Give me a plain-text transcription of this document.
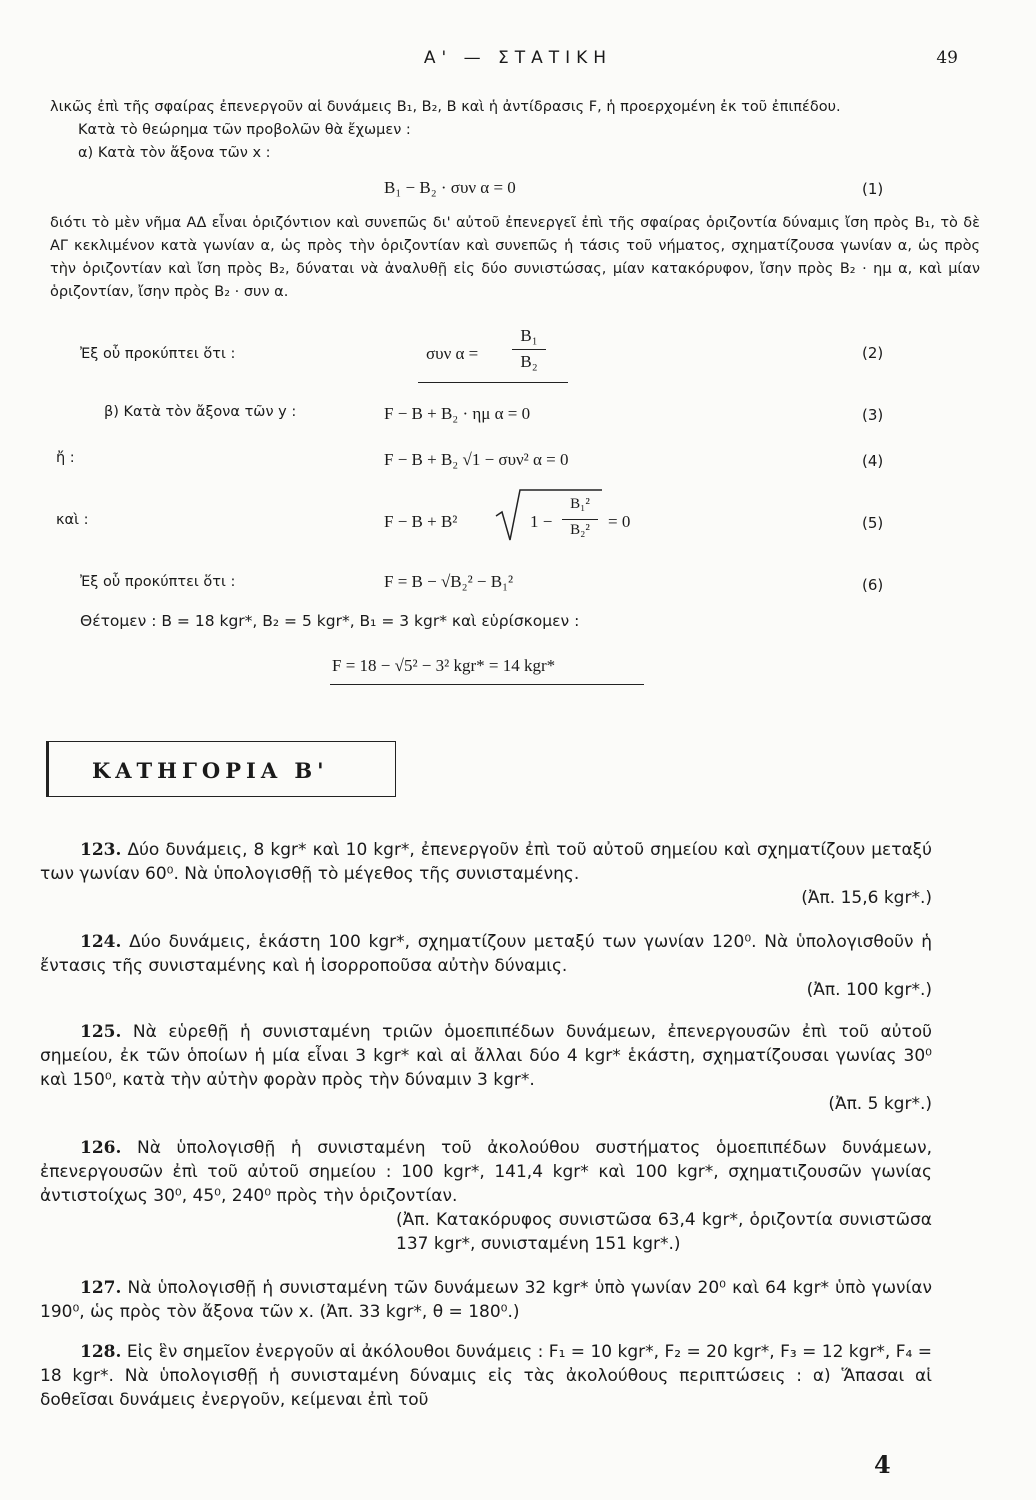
Α' — ΣΤΑΤΙΚΗ	49
λικῶς ἐπὶ τῆς σφαίρας ἐπενεργοῦν αἱ δυνάμεις Β₁, Β₂, Β καὶ ἡ ἀντίδρασις F, ἡ προερχομένη ἐκ τοῦ ἐπιπέδου.
Κατὰ τὸ θεώρημα τῶν προβολῶν θὰ ἔχωμεν :
α) Κατὰ τὸν ἄξονα τῶν x :
B₁ − B₂ · συν α = 0	(1)
διότι τὸ μὲν νῆμα ΑΔ εἶναι ὁριζόντιον καὶ συνεπῶς δι' αὐτοῦ ἐπενεργεῖ ἐπὶ τῆς σφαίρας ὁριζοντία δύναμις ἴση πρὸς Β₁, τὸ δὲ ΑΓ κεκλιμένον κατὰ γωνίαν α, ὡς πρὸς τὴν ὁριζοντίαν καὶ συνεπῶς ἡ τάσις τοῦ νήματος, σχηματίζουσα γωνίαν α, ὡς πρὸς τὴν ὁριζοντίαν καὶ ἴση πρὸς Β₂, δύναται νὰ ἀναλυθῇ εἰς δύο συνιστώσας, μίαν κατακόρυφον, ἴσην πρὸς Β₂ · ημ α, καὶ μίαν ὁριζοντίαν, ἴσην πρὸς Β₂ · συν α.
Ἐξ οὗ προκύπτει ὅτι :	συν α =
B₁
B₂	(2)
β) Κατὰ τὸν ἄξονα τῶν y :	F − B + B₂ · ημ α = 0	(3)
ἤ :	F − B + B₂ √1 − συν² α = 0	(4)
καὶ :	F − B + B²	1 −
B₁²
B₂²	= 0	(5)
Ἐξ οὗ προκύπτει ὅτι :	F = B − √B₂² − B₁²	(6)
Θέτομεν : B = 18 kgr*, B₂ = 5 kgr*, B₁ = 3 kgr* καὶ εὑρίσκομεν :
F = 18 − √5² − 3² kgr* = 14 kgr*
ΚΑΤΗΓΟΡΙΑ Β'
123. Δύο δυνάμεις, 8 kgr* καὶ 10 kgr*, ἐπενεργοῦν ἐπὶ τοῦ αὐτοῦ σημείου καὶ σχηματίζουν μεταξύ των γωνίαν 60⁰. Νὰ ὑπολογισθῇ τὸ μέγεθος τῆς συνισταμένης.
(Ἀπ. 15,6 kgr*.)
124. Δύο δυνάμεις, ἑκάστη 100 kgr*, σχηματίζουν μεταξύ των γωνίαν 120⁰. Νὰ ὑπολογισθοῦν ἡ ἔντασις τῆς συνισταμένης καὶ ἡ ἰσορροποῦσα αὐτὴν δύναμις.
(Ἀπ. 100 kgr*.)
125. Νὰ εὑρεθῇ ἡ συνισταμένη τριῶν ὁμοεπιπέδων δυνάμεων, ἐπενεργουσῶν ἐπὶ τοῦ αὐτοῦ σημείου, ἐκ τῶν ὁποίων ἡ μία εἶναι 3 kgr* καὶ αἱ ἄλλαι δύο 4 kgr* ἑκάστη, σχηματίζουσαι γωνίας 30⁰ καὶ 150⁰, κατὰ τὴν αὐτὴν φορὰν πρὸς τὴν δύναμιν 3 kgr*.
(Ἀπ. 5 kgr*.)
126. Νὰ ὑπολογισθῇ ἡ συνισταμένη τοῦ ἀκολούθου συστήματος ὁμοεπιπέδων δυνάμεων, ἐπενεργουσῶν ἐπὶ τοῦ αὐτοῦ σημείου : 100 kgr*, 141,4 kgr* καὶ 100 kgr*, σχηματιζουσῶν γωνίας ἀντιστοίχως 30⁰, 45⁰, 240⁰ πρὸς τὴν ὁριζοντίαν.
(Ἀπ. Κατακόρυφος συνιστῶσα 63,4 kgr*, ὁριζοντία συνιστῶσα 137 kgr*, συνισταμένη 151 kgr*.)
127. Νὰ ὑπολογισθῇ ἡ συνισταμένη τῶν δυνάμεων 32 kgr* ὑπὸ γωνίαν 20⁰ καὶ 64 kgr* ὑπὸ γωνίαν 190⁰, ὡς πρὸς τὸν ἄξονα τῶν x. (Ἀπ. 33 kgr*, θ = 180⁰.)
128. Εἰς ἓν σημεῖον ἐνεργοῦν αἱ ἀκόλουθοι δυνάμεις : F₁ = 10 kgr*, F₂ = 20 kgr*, F₃ = 12 kgr*, F₄ = 18 kgr*. Νὰ ὑπολογισθῇ ἡ συνισταμένη δύναμις εἰς τὰς ἀκολούθους περιπτώσεις : α) Ἅπασαι αἱ δοθεῖσαι δυνάμεις ἐνεργοῦν, κείμεναι ἐπὶ τοῦ
4
